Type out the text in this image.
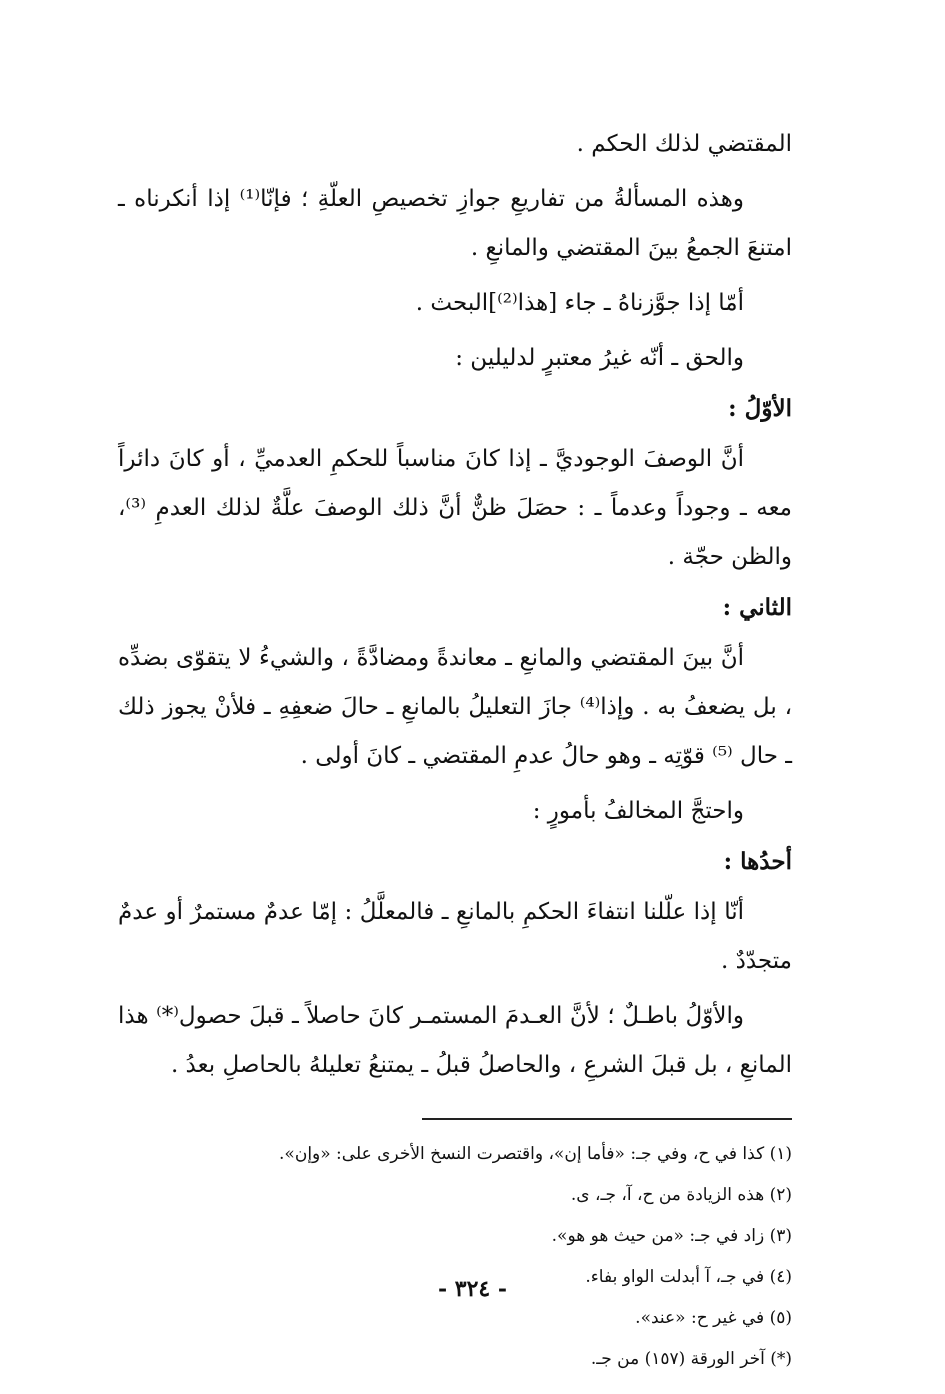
المقتضي لذلك الحكم .

وهذه المسألةُ من تفاريعِ جوازِ تخصيصِ العلّةِ ؛ فإنّا⁽¹⁾ إذا أنكرناه ـ امتنعَ الجمعُ بينَ المقتضي والمانعِ .

أمّا إذا جوَّزناهُ ـ جاء [هذا⁽²⁾]البحث .

والحق ـ أنّه غيرُ معتبرٍ لدليلين :

الأوّلُ :

أنَّ الوصفَ الوجوديَّ ـ إذا كانَ مناسباً للحكمِ العدميِّ ، أو كانَ دائراً معه ـ وجوداً وعدماً ـ : حصَلَ ظنٌّ أنَّ ذلك الوصفَ علَّةٌ لذلك العدمِ ⁽³⁾، والظن حجّة .

الثاني :

أنَّ بينَ المقتضي والمانعِ ـ معاندةً ومضادَّةً ، والشيءُ لا يتقوّى بضدِّه ، بل يضعفُ به . وإذا⁽⁴⁾ جازَ التعليلُ بالمانعِ ـ حالَ ضعفِهِ ـ فلأنْ يجوز ذلك ـ حال ⁽⁵⁾ قوّتِه ـ وهو حالُ عدمِ المقتضي ـ كانَ أولى .

واحتجَّ المخالفُ بأمورٍ :

أحدُها :

أنّا إذا علّلنا انتفاءَ الحكمِ بالمانعِ ـ فالمعلَّلُ : إمّا عدمٌ مستمرٌ أو عدمٌ متجدّدٌ .

والأوّلُ باطـلٌ ؛ لأنَّ العـدمَ المستمـر كانَ حاصلاً ـ قبلَ حصول⁽*⁾ هذا المانعِ ، بل قبلَ الشرعِ ، والحاصلُ قبلُ ـ يمتنعُ تعليلهُ بالحاصلِ بعدُ .

(١) كذا في ح، وفي جـ: «فأما إن»، واقتصرت النسخ الأخرى على: «وإن».

(٢) هذه الزيادة من ح، آ، جـ، ى.

(٣) زاد في جـ: «من حيث هو هو».

(٤) في جـ، آ أبدلت الواو بفاء.

(٥) في غير ح: «عند».

(*) آخر الورقة (١٥٧) من جـ.

- ٣٢٤ -
